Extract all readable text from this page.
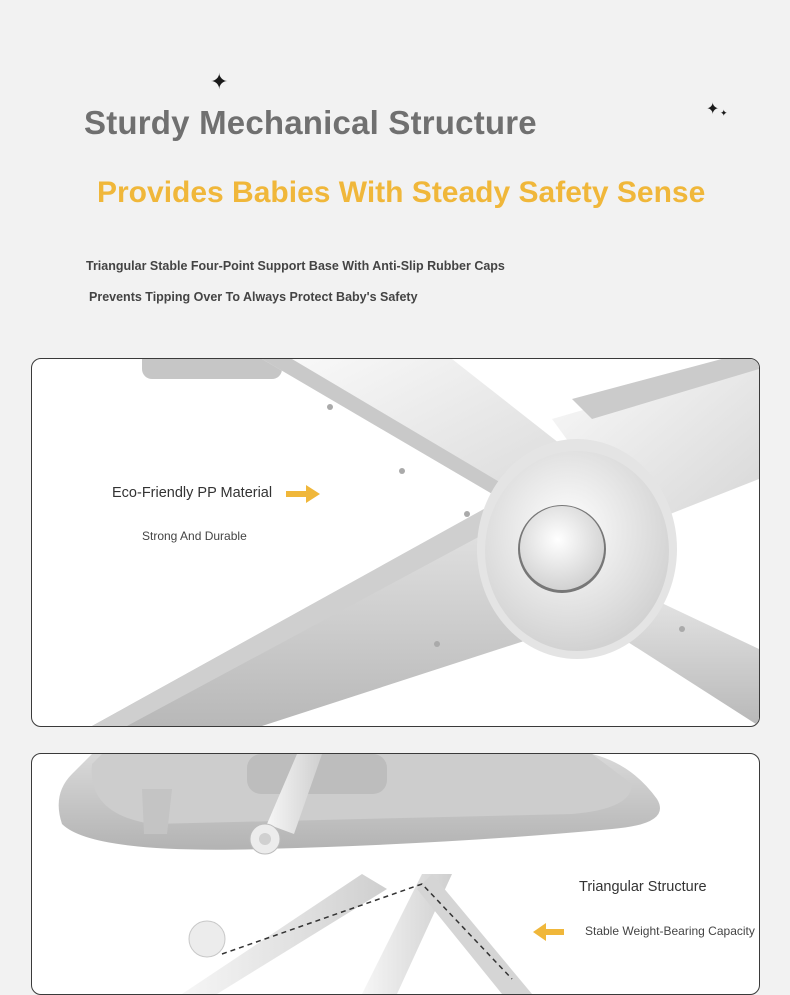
✦
✦ ✦
Sturdy Mechanical Structure
Provides Babies With Steady Safety Sense
Triangular Stable Four-Point Support Base With Anti-Slip Rubber Caps
Prevents Tipping Over To Always Protect Baby's Safety
Eco-Friendly PP Material
Strong And Durable
Triangular Structure
Stable Weight-Bearing Capacity
